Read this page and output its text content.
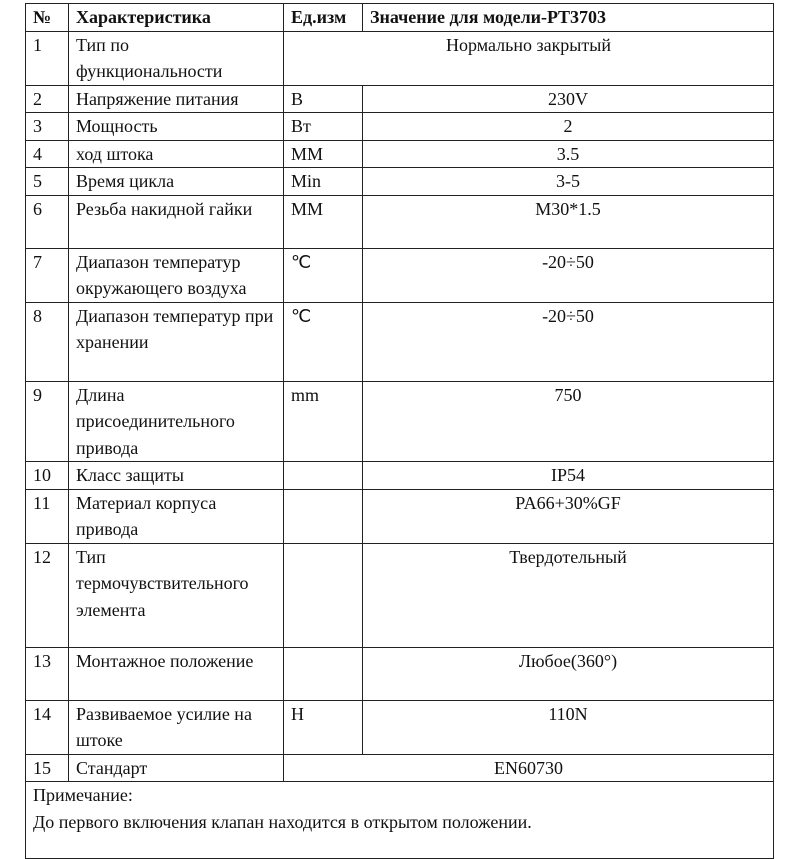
№	Характеристика	Ед.изм	Значение для модели-PT3703
1	Тип по функциональности	Нормально закрытый	
2	Напряжение питания	В	230V
3	Мощность	Вт	2
4	ход штока	MM	3.5
5	Время цикла	Min	3-5
6	Резьба накидной гайки	MM	M30*1.5
7	Диапазон температур окружающего воздуха	℃	-20÷50
8	Диапазон температур при хранении	℃	-20÷50
9	Длина присоединительного привода	mm	750
10	Класс защиты		IP54
11	Материал корпуса привода		PA66+30%GF
12	Тип термочувствительного элемента		Твердотельный
13	Монтажное положение		Любое(360°)
14	Развиваемое усилие на штоке	Н	110N
15	Стандарт	EN60730	

Примечание:
До первого включения клапан находится в открытом положении.			
